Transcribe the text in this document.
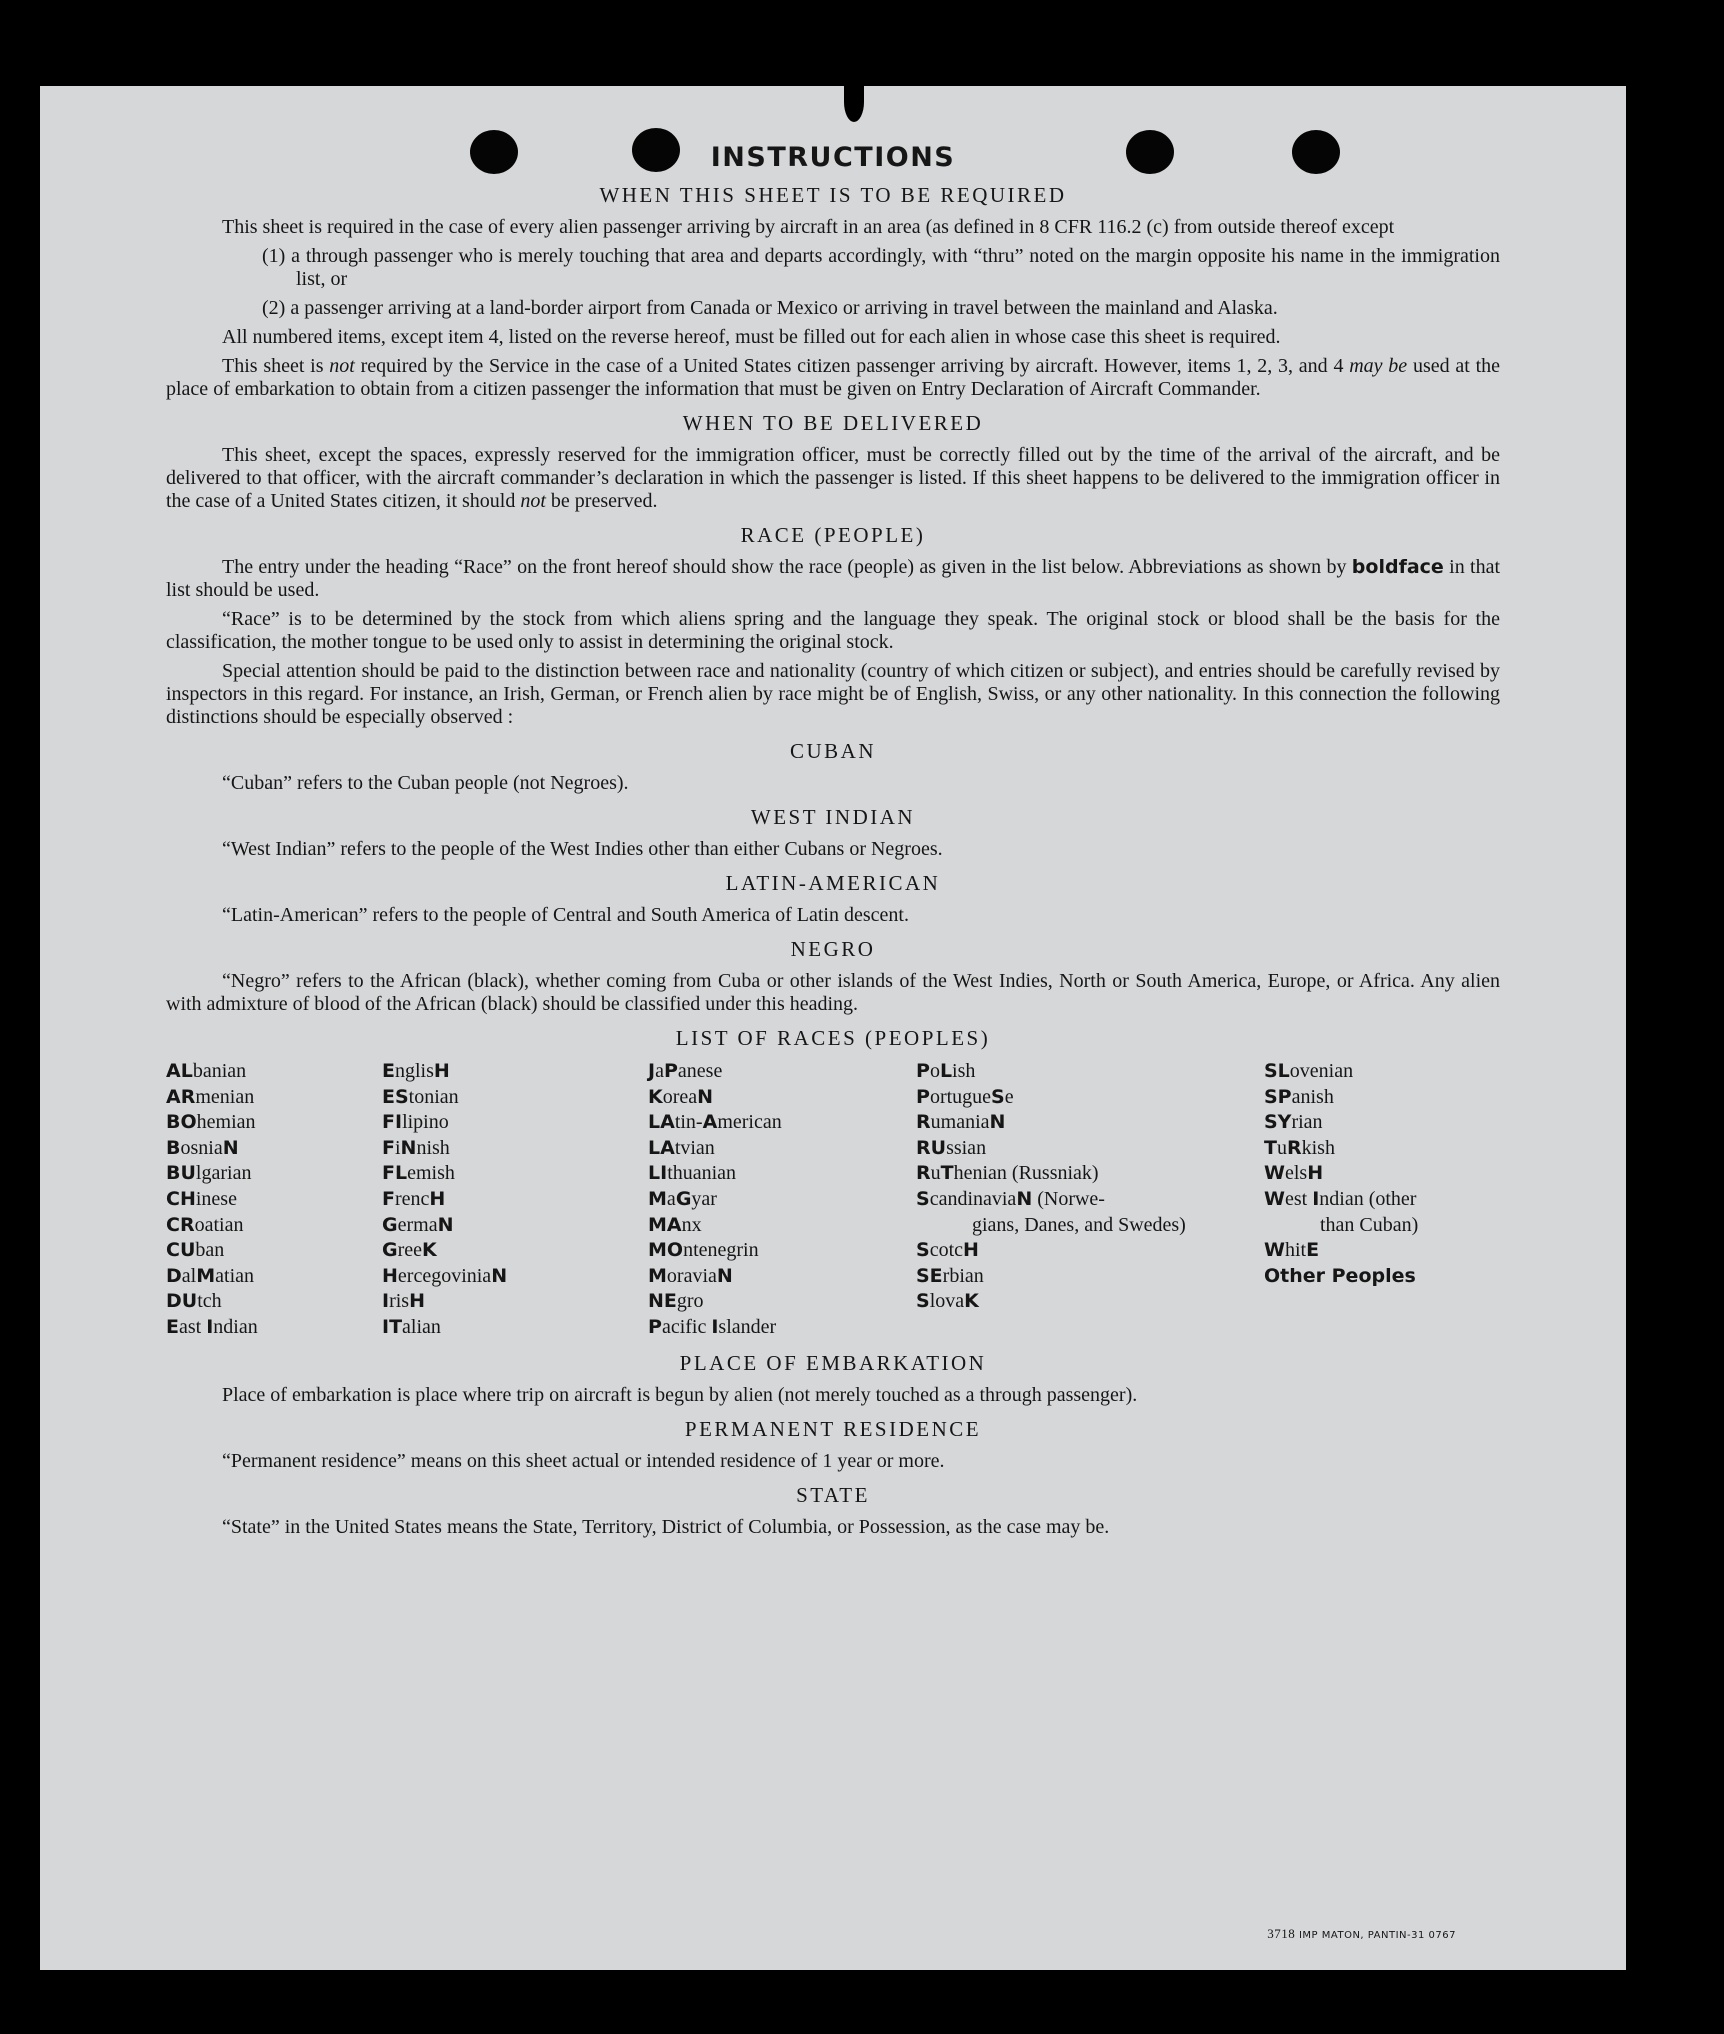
INSTRUCTIONS
WHEN THIS SHEET IS TO BE REQUIRED

This sheet is required in the case of every alien passenger arriving by aircraft in an area (as defined in 8 CFR 116.2 (c) from outside thereof except

(1) a through passenger who is merely touching that area and departs accordingly, with “thru” noted on the margin opposite his name in the immigration list, or

(2) a passenger arriving at a land-border airport from Canada or Mexico or arriving in travel between the mainland and Alaska.

All numbered items, except item 4, listed on the reverse hereof, must be filled out for each alien in whose case this sheet is required.

This sheet is not required by the Service in the case of a United States citizen passenger arriving by aircraft. However, items 1, 2, 3, and 4 may be used at the place of embarkation to obtain from a citizen passenger the information that must be given on Entry Declaration of Aircraft Commander.

WHEN TO BE DELIVERED

This sheet, except the spaces, expressly reserved for the immigration officer, must be correctly filled out by the time of the arrival of the aircraft, and be delivered to that officer, with the aircraft commander’s declaration in which the passenger is listed. If this sheet happens to be delivered to the immigration officer in the case of a United States citizen, it should not be preserved.

RACE (PEOPLE)

The entry under the heading “Race” on the front hereof should show the race (people) as given in the list below. Abbreviations as shown by boldface in that list should be used.

“Race” is to be determined by the stock from which aliens spring and the language they speak. The original stock or blood shall be the basis for the classification, the mother tongue to be used only to assist in determining the original stock.

Special attention should be paid to the distinction between race and nationality (country of which citizen or subject), and entries should be carefully revised by inspectors in this regard. For instance, an Irish, German, or French alien by race might be of English, Swiss, or any other nationality. In this connection the following distinctions should be especially observed :

CUBAN

“Cuban” refers to the Cuban people (not Negroes).

WEST INDIAN

“West Indian” refers to the people of the West Indies other than either Cubans or Negroes.

LATIN-AMERICAN

“Latin-American” refers to the people of Central and South America of Latin descent.

NEGRO

“Negro” refers to the African (black), whether coming from Cuba or other islands of the West Indies, North or South America, Europe, or Africa. Any alien with admixture of blood of the African (black) should be classified under this heading.

LIST OF RACES (PEOPLES)
ALbanian
ARmenian
BOhemian
BosniaN
BUlgarian
CHinese
CRoatian
CUban
DalMatian
DUtch
East Indian
EnglisH
EStonian
FIlipino
FiNnish
FLemish
FrencH
GermaN
GreeK
HercegoviniaN
IrisH
ITalian
JaPanese
KoreaN
LAtin-American
LAtvian
LIthuanian
MaGyar
MAnx
MOntenegrin
MoraviaN
NEgro
Pacific Islander
PoLish
PortugueSe
RumaniaN
RUssian
RuThenian (Russniak)
ScandinaviaN (Norwe-
gians, Danes, and Swedes)
ScotcH
SErbian
SlovaK
SLovenian
SPanish
SYrian
TuRkish
WelsH
West Indian (other
than Cuban)
WhitE
Other Peoples
PLACE OF EMBARKATION

Place of embarkation is place where trip on aircraft is begun by alien (not merely touched as a through passenger).

PERMANENT RESIDENCE

“Permanent residence” means on this sheet actual or intended residence of 1 year or more.

STATE

“State” in the United States means the State, Territory, District of Columbia, or Possession, as the case may be.

3718 IMP MATON, PANTIN-31 0767
